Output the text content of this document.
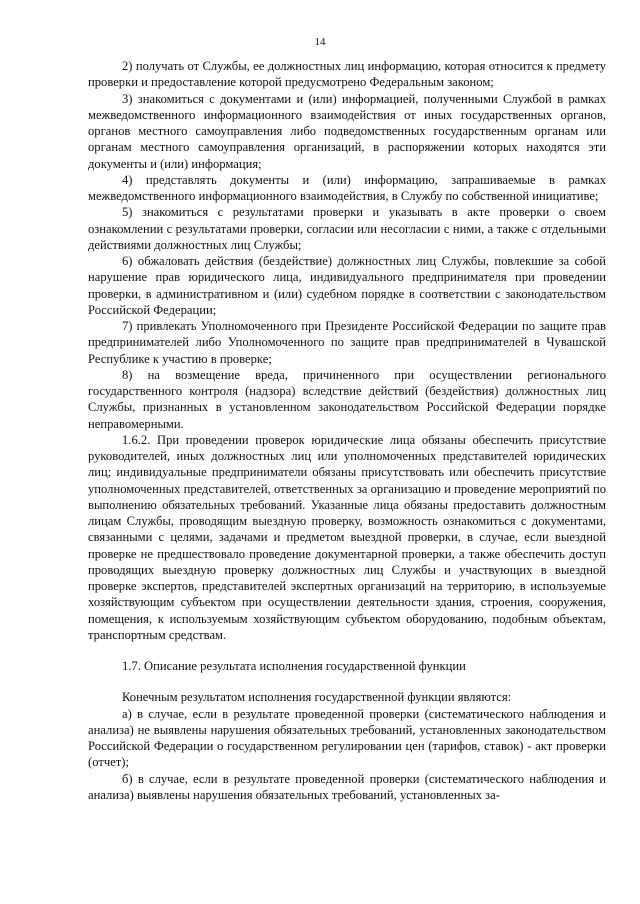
14

2) получать от Службы, ее должностных лиц информацию, которая относится к предмету проверки и предоставление которой предусмотрено Федеральным законом;

3) знакомиться с документами и (или) информацией, полученными Службой в рамках межведомственного информационного взаимодействия от иных государственных органов, органов местного самоуправления либо подведомственных государственным органам или органам местного самоуправления организаций, в распоряжении которых находятся эти документы и (или) информация;

4) представлять документы и (или) информацию, запрашиваемые в рамках межведомственного информационного взаимодействия, в Службу по собственной инициативе;

5) знакомиться с результатами проверки и указывать в акте проверки о своем ознакомлении с результатами проверки, согласии или несогласии с ними, а также с отдельными действиями должностных лиц Службы;

6) обжаловать действия (бездействие) должностных лиц Службы, повлекшие за собой нарушение прав юридического лица, индивидуального предпринимателя при проведении проверки, в административном и (или) судебном порядке в соответствии с законодательством Российской Федерации;

7) привлекать Уполномоченного при Президенте Российской Федерации по защите прав предпринимателей либо Уполномоченного по защите прав предпринимателей в Чувашской Республике к участию в проверке;

8) на возмещение вреда, причиненного при осуществлении регионального государственного контроля (надзора) вследствие действий (бездействия) должностных лиц Службы, признанных в установленном законодательством Российской Федерации порядке неправомерными.

1.6.2. При проведении проверок юридические лица обязаны обеспечить присутствие руководителей, иных должностных лиц или уполномоченных представителей юридических лиц; индивидуальные предприниматели обязаны присутствовать или обеспечить присутствие уполномоченных представителей, ответственных за организацию и проведение мероприятий по выполнению обязательных требований. Указанные лица обязаны предоставить должностным лицам Службы, проводящим выездную проверку, возможность ознакомиться с документами, связанными с целями, задачами и предметом выездной проверки, в случае, если выездной проверке не предшествовало проведение документарной проверки, а также обеспечить доступ проводящих выездную проверку должностных лиц Службы и участвующих в выездной проверке экспертов, представителей экспертных организаций на территорию, в используемые хозяйствующим субъектом при осуществлении деятельности здания, строения, сооружения, помещения, к используемым хозяйствующим субъектом оборудованию, подобным объектам, транспортным средствам.

1.7. Описание результата исполнения государственной функции

Конечным результатом исполнения государственной функции являются:

а) в случае, если в результате проведенной проверки (систематического наблюдения и анализа) не выявлены нарушения обязательных требований, установленных законодательством Российской Федерации о государственном регулировании цен (тарифов, ставок) - акт проверки (отчет);

б) в случае, если в результате проведенной проверки (систематического наблюдения и анализа) выявлены нарушения обязательных требований, установленных за-
